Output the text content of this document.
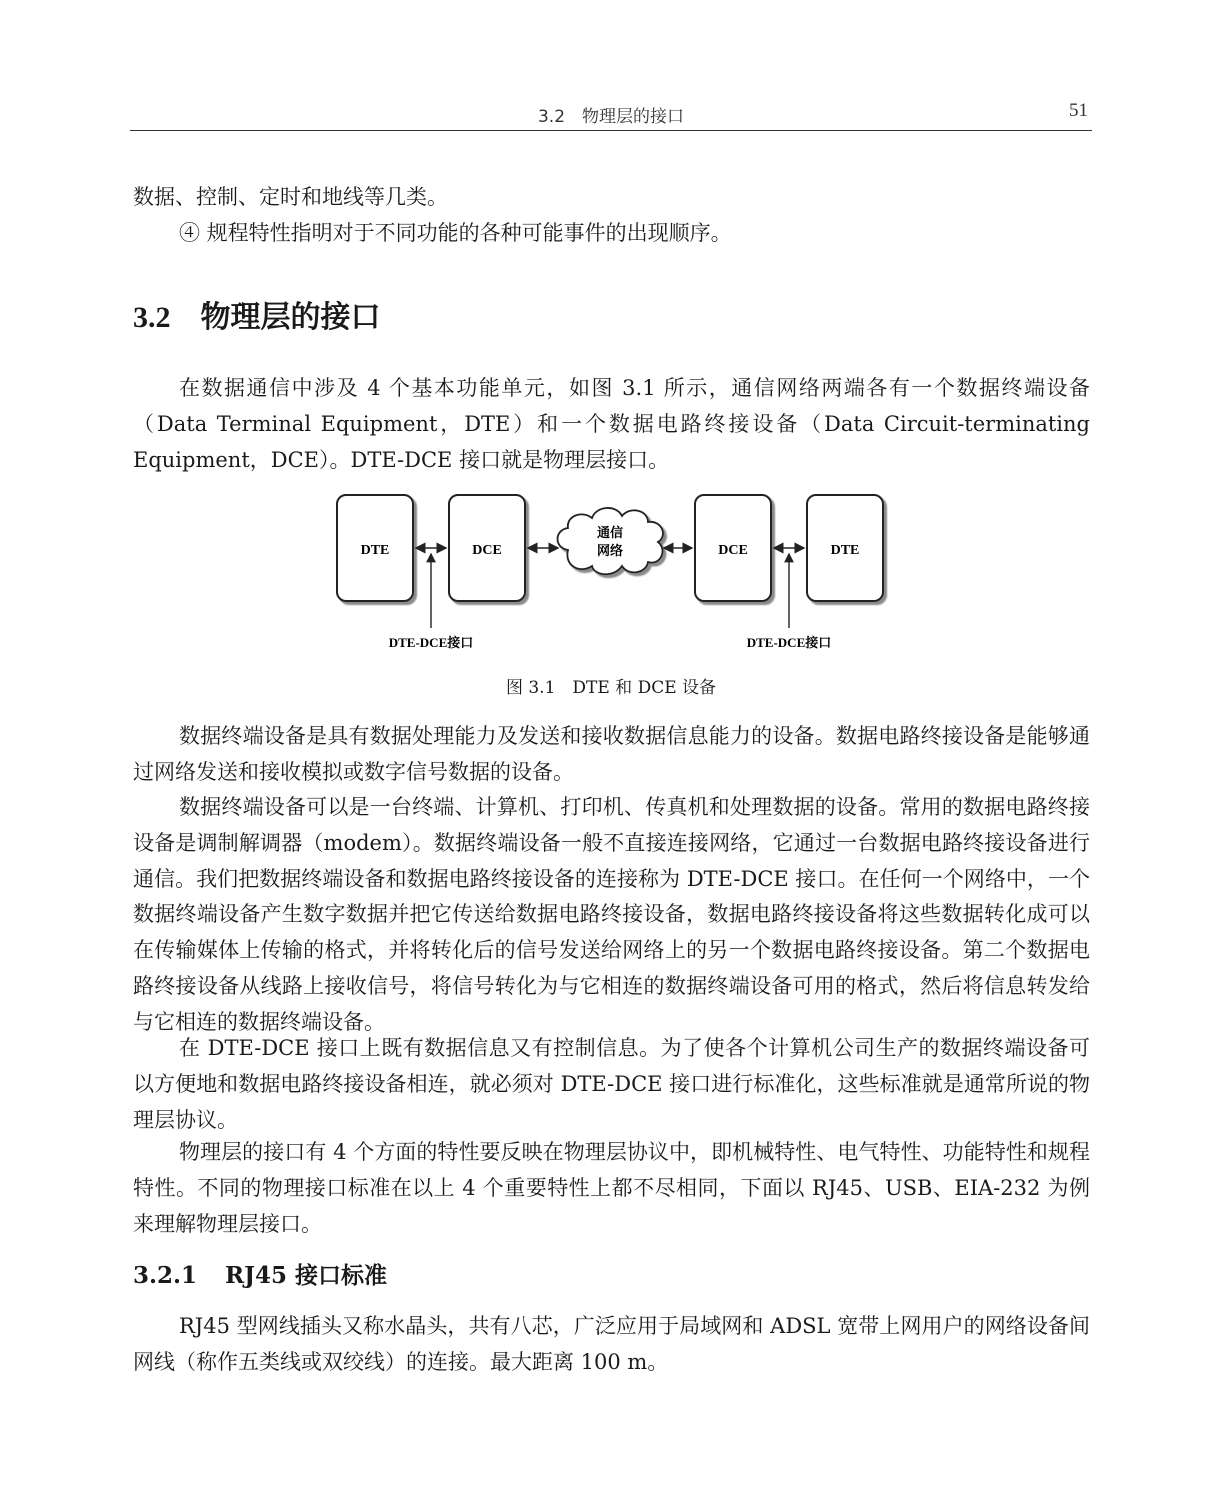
3.2　物理层的接口	51

数据、控制、定时和地线等几类。

④ 规程特性指明对于不同功能的各种可能事件的出现顺序。

3.2 物理层的接口

在数据通信中涉及 4 个基本功能单元，如图 3.1 所示，通信网络两端各有一个数据终端设备（Data Terminal Equipment，DTE）和一个数据电路终接设备（Data Circuit-terminating Equipment，DCE）。DTE-DCE 接口就是物理层接口。

DTE	DCE
通信
网络	DCE	DTE
DTE-DCE接口	DTE-DCE接口
图 3.1　DTE 和 DCE 设备

数据终端设备是具有数据处理能力及发送和接收数据信息能力的设备。数据电路终接设备是能够通过网络发送和接收模拟或数字信号数据的设备。

数据终端设备可以是一台终端、计算机、打印机、传真机和处理数据的设备。常用的数据电路终接设备是调制解调器（modem）。数据终端设备一般不直接连接网络，它通过一台数据电路终接设备进行通信。我们把数据终端设备和数据电路终接设备的连接称为 DTE-DCE 接口。在任何一个网络中，一个数据终端设备产生数字数据并把它传送给数据电路终接设备，数据电路终接设备将这些数据转化成可以在传输媒体上传输的格式，并将转化后的信号发送给网络上的另一个数据电路终接设备。第二个数据电路终接设备从线路上接收信号，将信号转化为与它相连的数据终端设备可用的格式，然后将信息转发给与它相连的数据终端设备。

在 DTE-DCE 接口上既有数据信息又有控制信息。为了使各个计算机公司生产的数据终端设备可以方便地和数据电路终接设备相连，就必须对 DTE-DCE 接口进行标准化，这些标准就是通常所说的物理层协议。

物理层的接口有 4 个方面的特性要反映在物理层协议中，即机械特性、电气特性、功能特性和规程特性。不同的物理接口标准在以上 4 个重要特性上都不尽相同，下面以 RJ45、USB、EIA-232 为例来理解物理层接口。

3.2.1 RJ45 接口标准

RJ45 型网线插头又称水晶头，共有八芯，广泛应用于局域网和 ADSL 宽带上网用户的网络设备间网线（称作五类线或双绞线）的连接。最大距离 100 m。
